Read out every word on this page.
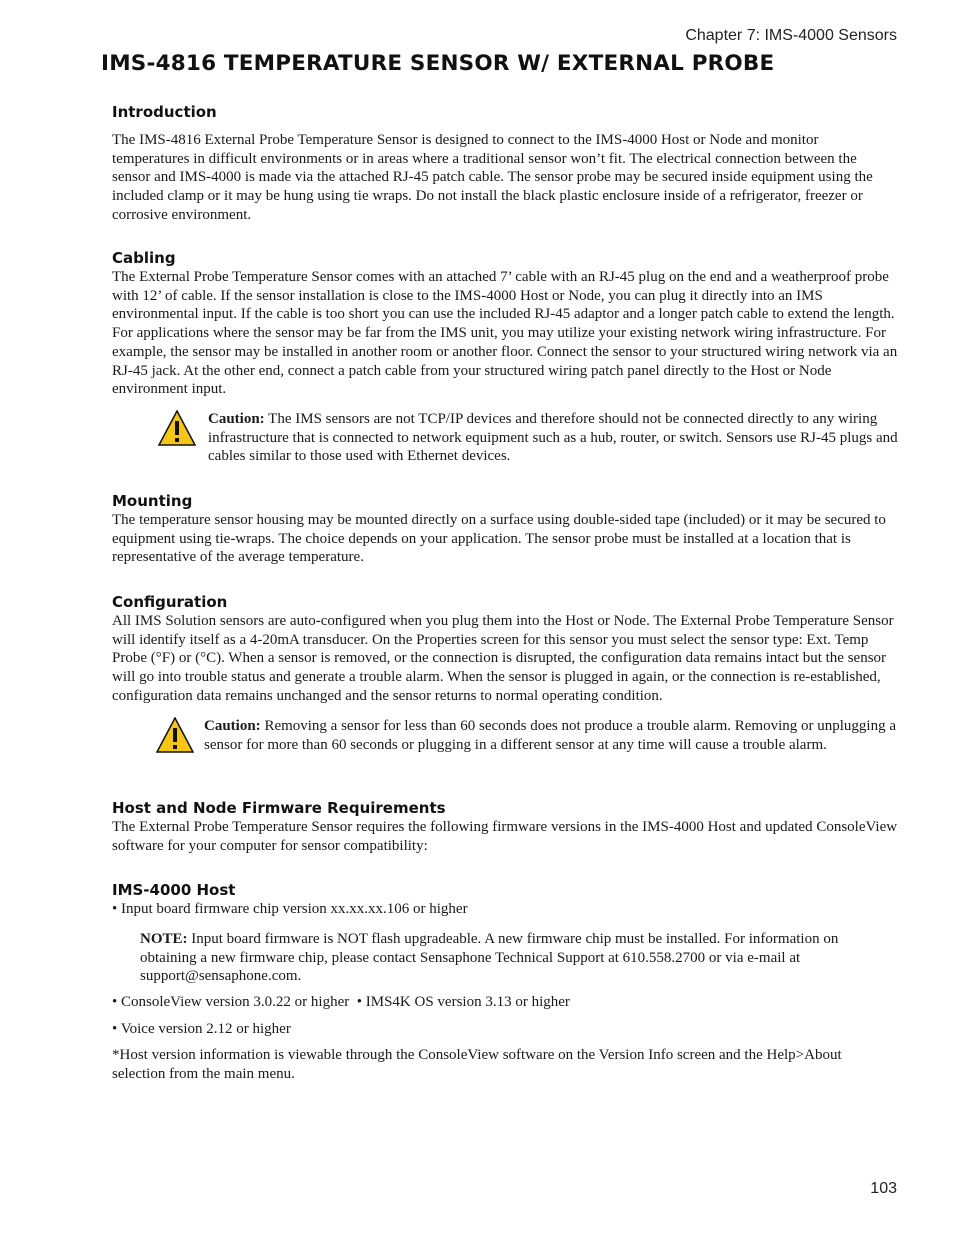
Chapter 7: IMS-4000 Sensors
IMS-4816 TEMPERATURE SENSOR W/ EXTERNAL PROBE
Introduction

The IMS-4816 External Probe Temperature Sensor is designed to connect to the IMS-4000 Host or Node and monitor temperatures in difficult environments or in areas where a traditional sensor won’t fit. The electrical connection between the sensor and IMS-4000 is made via the attached RJ-45 patch cable. The sensor probe may be secured inside equipment using the included clamp or it may be hung using tie wraps. Do not install the black plastic enclosure inside of a refrigerator, freezer or corrosive environment.

Cabling

The External Probe Temperature Sensor comes with an attached 7’ cable with an RJ-45 plug on the end and a weatherproof probe with 12’ of cable. If the sensor installation is close to the IMS-4000 Host or Node, you can plug it directly into an IMS environmental input. If the cable is too short you can use the included RJ-45 adaptor and a longer patch cable to extend the length. For applications where the sensor may be far from the IMS unit, you may utilize your existing network wiring infrastructure. For example, the sensor may be installed in another room or another floor. Connect the sensor to your structured wiring network via an RJ-45 jack. At the other end, connect a patch cable from your structured wiring patch panel directly to the Host or Node environment input.

Caution: The IMS sensors are not TCP/IP devices and therefore should not be connected directly to any wiring infrastructure that is connected to network equipment such as a hub, router, or switch. Sensors use RJ-45 plugs and cables similar to those used with Ethernet devices.

Mounting

The temperature sensor housing may be mounted directly on a surface using double-sided tape (included) or it may be secured to equipment using tie-wraps. The choice depends on your application. The sensor probe must be installed at a location that is representative of the average temperature.

Configuration

All IMS Solution sensors are auto-configured when you plug them into the Host or Node. The External Probe Temperature Sensor will identify itself as a 4-20mA transducer. On the Properties screen for this sensor you must select the sensor type: Ext. Temp Probe (°F) or (°C). When a sensor is removed, or the connection is disrupted, the configuration data remains intact but the sensor will go into trouble status and generate a trouble alarm. When the sensor is plugged in again, or the connection is re-established, configuration data remains unchanged and the sensor returns to normal operating condition.

Caution: Removing a sensor for less than 60 seconds does not produce a trouble alarm. Removing or unplugging a sensor for more than 60 seconds or plugging in a different sensor at any time will cause a trouble alarm.

Host and Node Firmware Requirements

The External Probe Temperature Sensor requires the following firmware versions in the IMS-4000 Host and updated ConsoleView software for your computer for sensor compatibility:

IMS-4000 Host

• Input board firmware chip version xx.xx.xx.106 or higher

NOTE: Input board firmware is NOT flash upgradeable. A new firmware chip must be installed. For information on obtaining a new firmware chip, please contact Sensaphone Technical Support at 610.558.2700 or via e-mail at support@sensaphone.com.

• ConsoleView version 3.0.22 or higher • IMS4K OS version 3.13 or higher

• Voice version 2.12 or higher

*Host version information is viewable through the ConsoleView software on the Version Info screen and the Help>About selection from the main menu.

103
